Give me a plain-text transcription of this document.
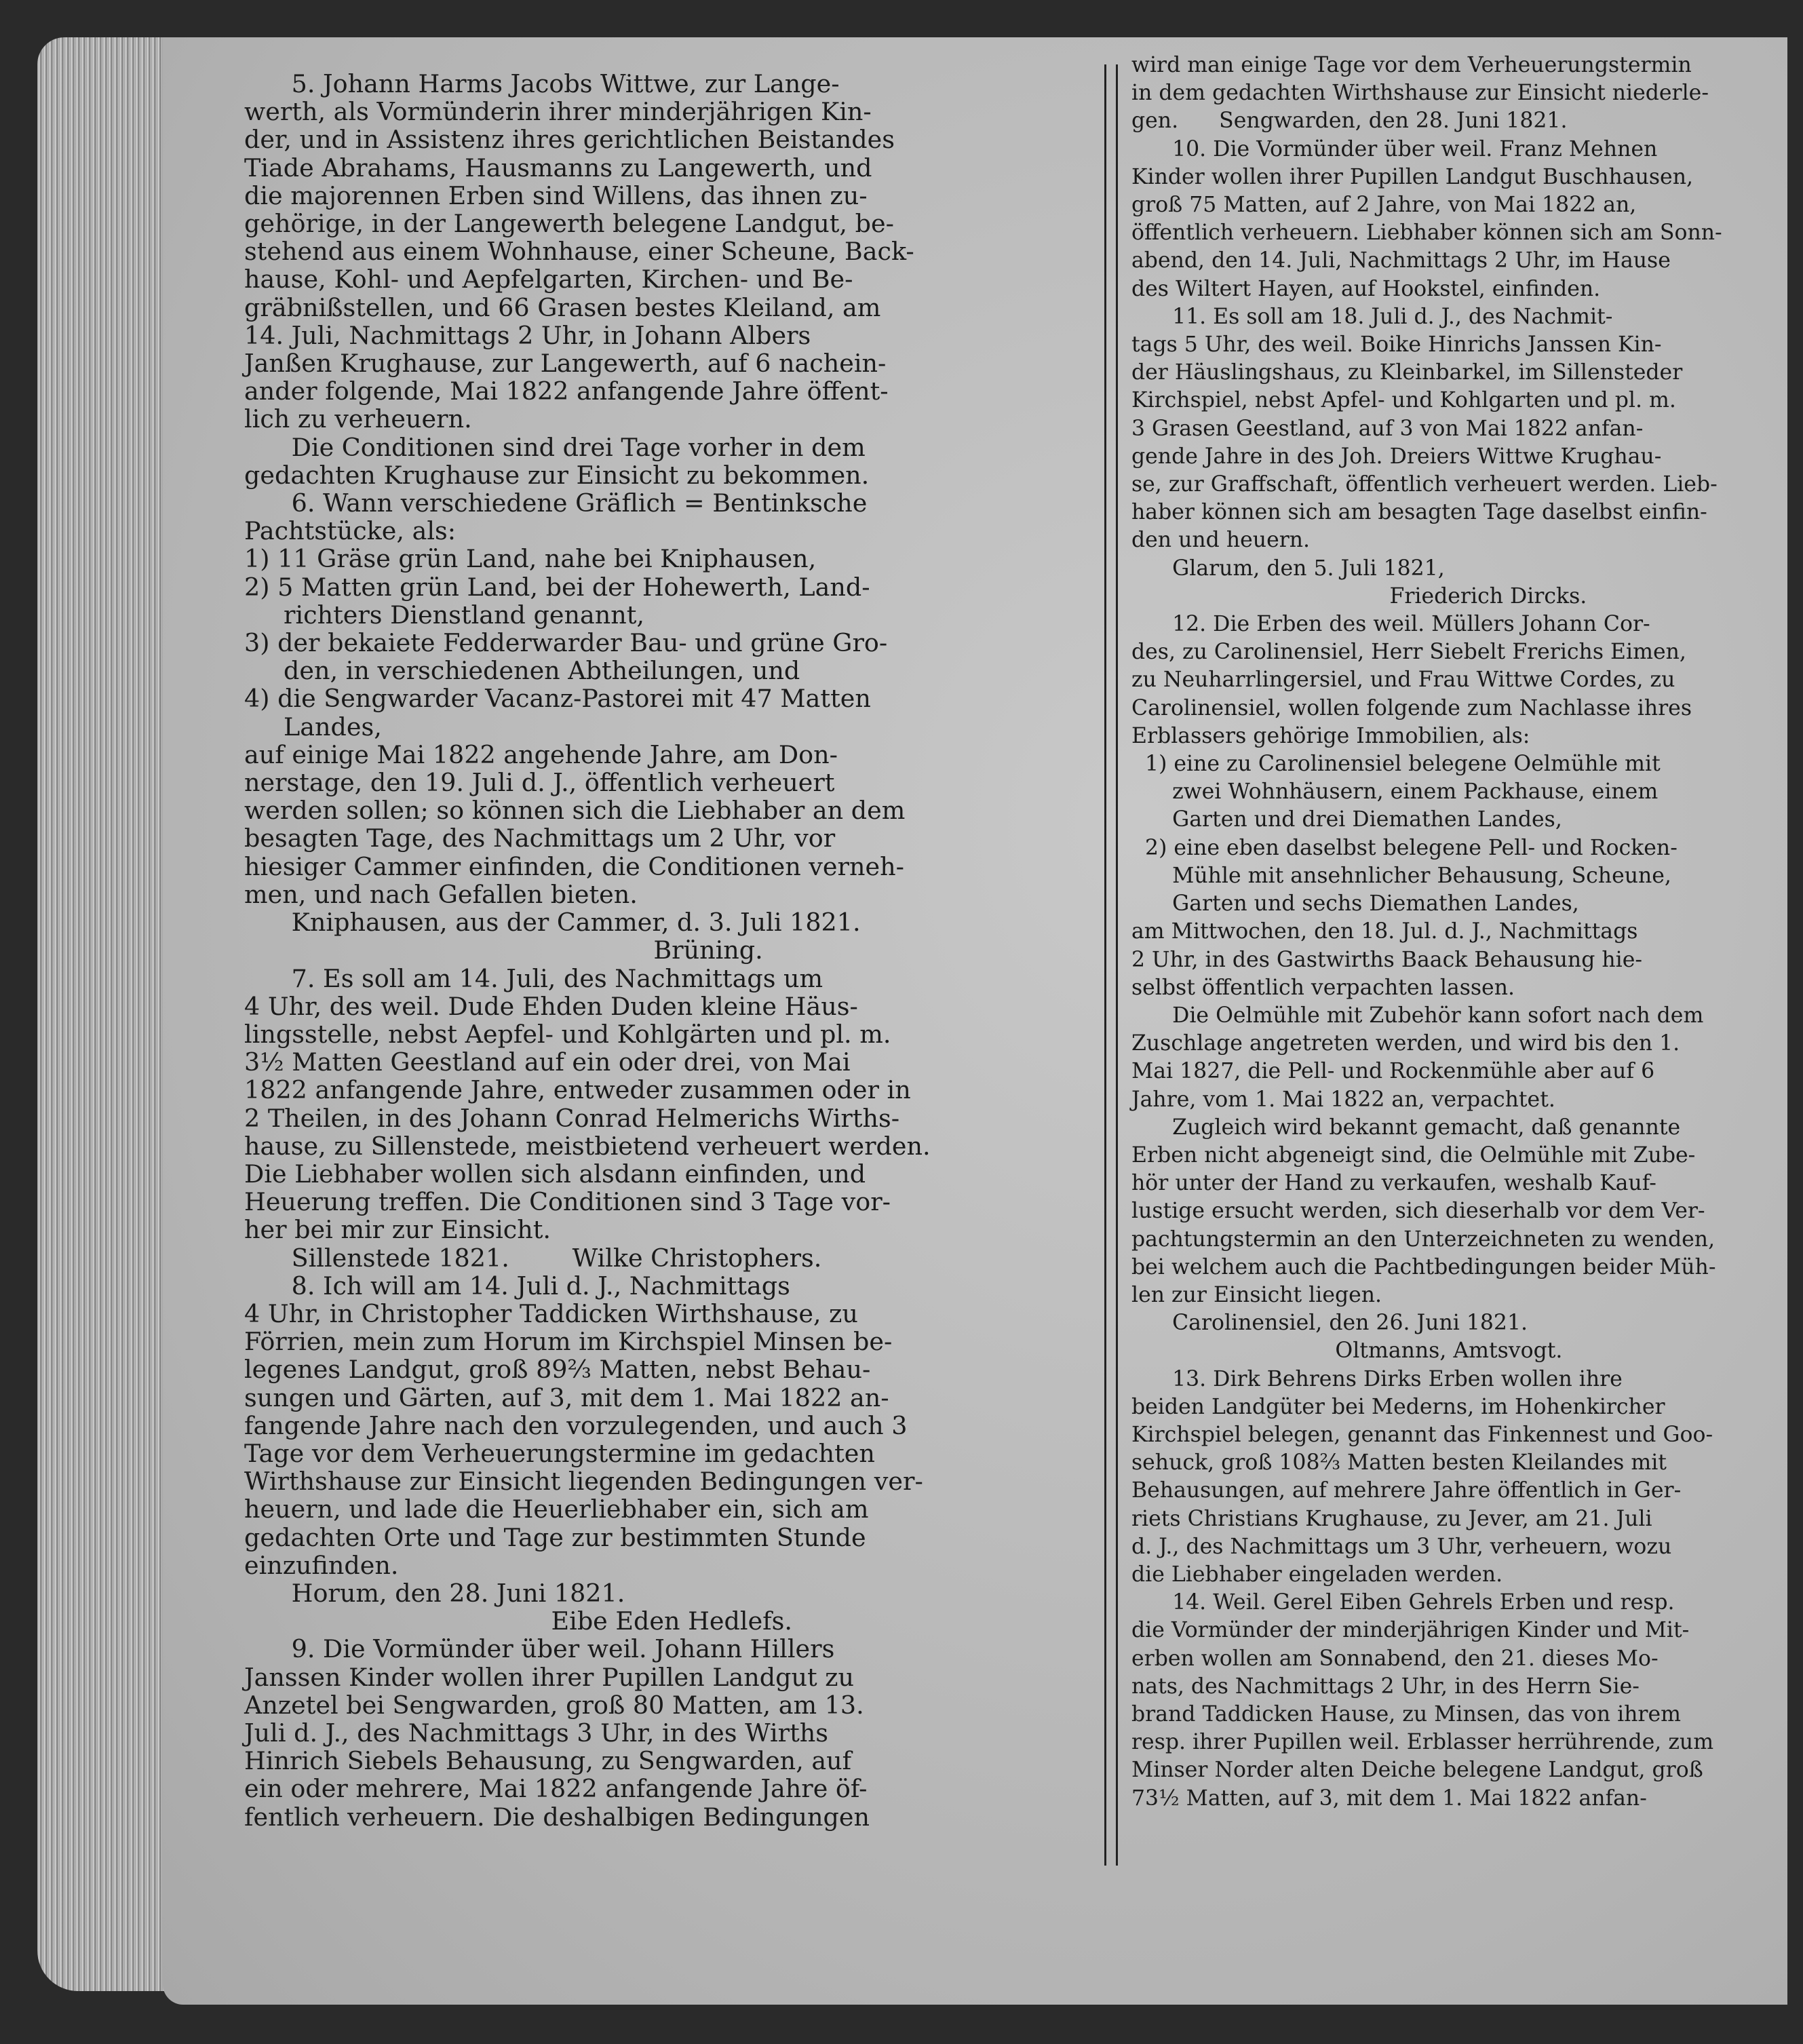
5. Johann Harms Jacobs Wittwe, zur Lange-
werth, als Vormünderin ihrer minderjährigen Kin-
der, und in Assistenz ihres gerichtlichen Beistandes
Tiade Abrahams, Hausmanns zu Langewerth, und
die majorennen Erben sind Willens, das ihnen zu-
gehörige, in der Langewerth belegene Landgut, be-
stehend aus einem Wohnhause, einer Scheune, Back-
hause, Kohl- und Aepfelgarten, Kirchen- und Be-
gräbnißstellen, und 66 Grasen bestes Kleiland, am
14. Juli, Nachmittags 2 Uhr, in Johann Albers
Janßen Krughause, zur Langewerth, auf 6 nachein-
ander folgende, Mai 1822 anfangende Jahre öffent-
lich zu verheuern.
Die Conditionen sind drei Tage vorher in dem
gedachten Krughause zur Einsicht zu bekommen.
6. Wann verschiedene Gräflich = Bentinksche
Pachtstücke, als:
1) 11 Gräse grün Land, nahe bei Kniphausen,
2) 5 Matten grün Land, bei der Hohewerth, Land-
richters Dienstland genannt,
3) der bekaiete Fedderwarder Bau- und grüne Gro-
den, in verschiedenen Abtheilungen, und
4) die Sengwarder Vacanz-Pastorei mit 47 Matten
Landes,
auf einige Mai 1822 angehende Jahre, am Don-
nerstage, den 19. Juli d. J., öffentlich verheuert
werden sollen; so können sich die Liebhaber an dem
besagten Tage, des Nachmittags um 2 Uhr, vor
hiesiger Cammer einfinden, die Conditionen verneh-
men, und nach Gefallen bieten.
Kniphausen, aus der Cammer, d. 3. Juli 1821.
Brüning.
7. Es soll am 14. Juli, des Nachmittags um
4 Uhr, des weil. Dude Ehden Duden kleine Häus-
lingsstelle, nebst Aepfel- und Kohlgärten und pl. m.
3½ Matten Geestland auf ein oder drei, von Mai
1822 anfangende Jahre, entweder zusammen oder in
2 Theilen, in des Johann Conrad Helmerichs Wirths-
hause, zu Sillenstede, meistbietend verheuert werden.
Die Liebhaber wollen sich alsdann einfinden, und
Heuerung treffen. Die Conditionen sind 3 Tage vor-
her bei mir zur Einsicht.
Sillenstede 1821.        Wilke Christophers.
8. Ich will am 14. Juli d. J., Nachmittags
4 Uhr, in Christopher Taddicken Wirthshause, zu
Förrien, mein zum Horum im Kirchspiel Minsen be-
legenes Landgut, groß 89⅔ Matten, nebst Behau-
sungen und Gärten, auf 3, mit dem 1. Mai 1822 an-
fangende Jahre nach den vorzulegenden, und auch 3
Tage vor dem Verheuerungstermine im gedachten
Wirthshause zur Einsicht liegenden Bedingungen ver-
heuern, und lade die Heuerliebhaber ein, sich am
gedachten Orte und Tage zur bestimmten Stunde
einzufinden.
Horum, den 28. Juni 1821.
Eibe Eden Hedlefs.
9. Die Vormünder über weil. Johann Hillers
Janssen Kinder wollen ihrer Pupillen Landgut zu
Anzetel bei Sengwarden, groß 80 Matten, am 13.
Juli d. J., des Nachmittags 3 Uhr, in des Wirths
Hinrich Siebels Behausung, zu Sengwarden, auf
ein oder mehrere, Mai 1822 anfangende Jahre öf-
fentlich verheuern. Die deshalbigen Bedingungen

wird man einige Tage vor dem Verheuerungstermin
in dem gedachten Wirthshause zur Einsicht niederle-
gen.      Sengwarden, den 28. Juni 1821.
10. Die Vormünder über weil. Franz Mehnen
Kinder wollen ihrer Pupillen Landgut Buschhausen,
groß 75 Matten, auf 2 Jahre, von Mai 1822 an,
öffentlich verheuern. Liebhaber können sich am Sonn-
abend, den 14. Juli, Nachmittags 2 Uhr, im Hause
des Wiltert Hayen, auf Hookstel, einfinden.
11. Es soll am 18. Juli d. J., des Nachmit-
tags 5 Uhr, des weil. Boike Hinrichs Janssen Kin-
der Häuslingshaus, zu Kleinbarkel, im Sillensteder
Kirchspiel, nebst Apfel- und Kohlgarten und pl. m.
3 Grasen Geestland, auf 3 von Mai 1822 anfan-
gende Jahre in des Joh. Dreiers Wittwe Krughau-
se, zur Graffschaft, öffentlich verheuert werden. Lieb-
haber können sich am besagten Tage daselbst einfin-
den und heuern.
Glarum, den 5. Juli 1821,
Friederich Dircks.
12. Die Erben des weil. Müllers Johann Cor-
des, zu Carolinensiel, Herr Siebelt Frerichs Eimen,
zu Neuharrlingersiel, und Frau Wittwe Cordes, zu
Carolinensiel, wollen folgende zum Nachlasse ihres
Erblassers gehörige Immobilien, als:
1) eine zu Carolinensiel belegene Oelmühle mit
zwei Wohnhäusern, einem Packhause, einem
Garten und drei Diemathen Landes,
2) eine eben daselbst belegene Pell- und Rocken-
Mühle mit ansehnlicher Behausung, Scheune,
Garten und sechs Diemathen Landes,
am Mittwochen, den 18. Jul. d. J., Nachmittags
2 Uhr, in des Gastwirths Baack Behausung hie-
selbst öffentlich verpachten lassen.
Die Oelmühle mit Zubehör kann sofort nach dem
Zuschlage angetreten werden, und wird bis den 1.
Mai 1827, die Pell- und Rockenmühle aber auf 6
Jahre, vom 1. Mai 1822 an, verpachtet.
Zugleich wird bekannt gemacht, daß genannte
Erben nicht abgeneigt sind, die Oelmühle mit Zube-
hör unter der Hand zu verkaufen, weshalb Kauf-
lustige ersucht werden, sich dieserhalb vor dem Ver-
pachtungstermin an den Unterzeichneten zu wenden,
bei welchem auch die Pachtbedingungen beider Müh-
len zur Einsicht liegen.
Carolinensiel, den 26. Juni 1821.
Oltmanns, Amtsvogt.
13. Dirk Behrens Dirks Erben wollen ihre
beiden Landgüter bei Mederns, im Hohenkircher
Kirchspiel belegen, genannt das Finkennest und Goo-
sehuck, groß 108⅔ Matten besten Kleilandes mit
Behausungen, auf mehrere Jahre öffentlich in Ger-
riets Christians Krughause, zu Jever, am 21. Juli
d. J., des Nachmittags um 3 Uhr, verheuern, wozu
die Liebhaber eingeladen werden.
14. Weil. Gerel Eiben Gehrels Erben und resp.
die Vormünder der minderjährigen Kinder und Mit-
erben wollen am Sonnabend, den 21. dieses Mo-
nats, des Nachmittags 2 Uhr, in des Herrn Sie-
brand Taddicken Hause, zu Minsen, das von ihrem
resp. ihrer Pupillen weil. Erblasser herrührende, zum
Minser Norder alten Deiche belegene Landgut, groß
73½ Matten, auf 3, mit dem 1. Mai 1822 anfan-
